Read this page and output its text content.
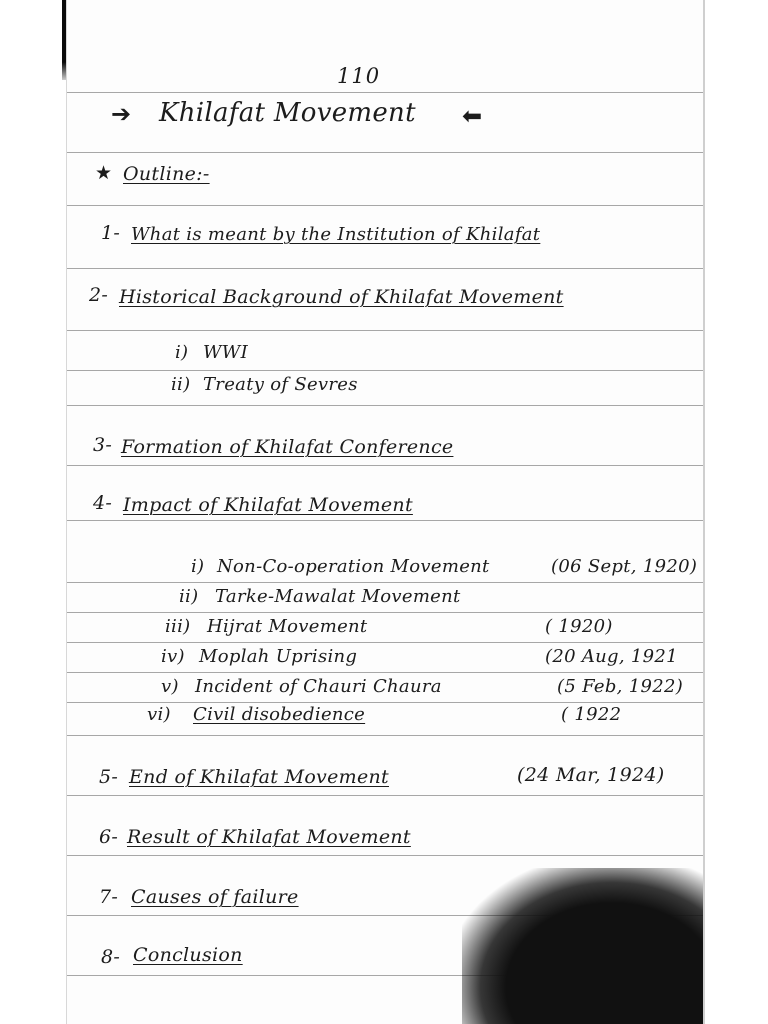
110
➔ Khilafat Movement ⬅
★ Outline:-
1- What is meant by the Institution of Khilafat
2- Historical Background of Khilafat Movement
i) WWI
ii) Treaty of Sevres
3- Formation of Khilafat Conference
4- Impact of Khilafat Movement
i) Non-Co-operation Movement	(06 Sept, 1920)
ii) Tarke-Mawalat Movement
iii) Hijrat Movement	( 1920)
iv) Moplah Uprising	(20 Aug, 1921
v) Incident of Chauri Chaura	(5 Feb, 1922)
vi) Civil disobedience	( 1922
5- End of Khilafat Movement	(24 Mar, 1924)
6- Result of Khilafat Movement
7- Causes of failure
8- Conclusion
